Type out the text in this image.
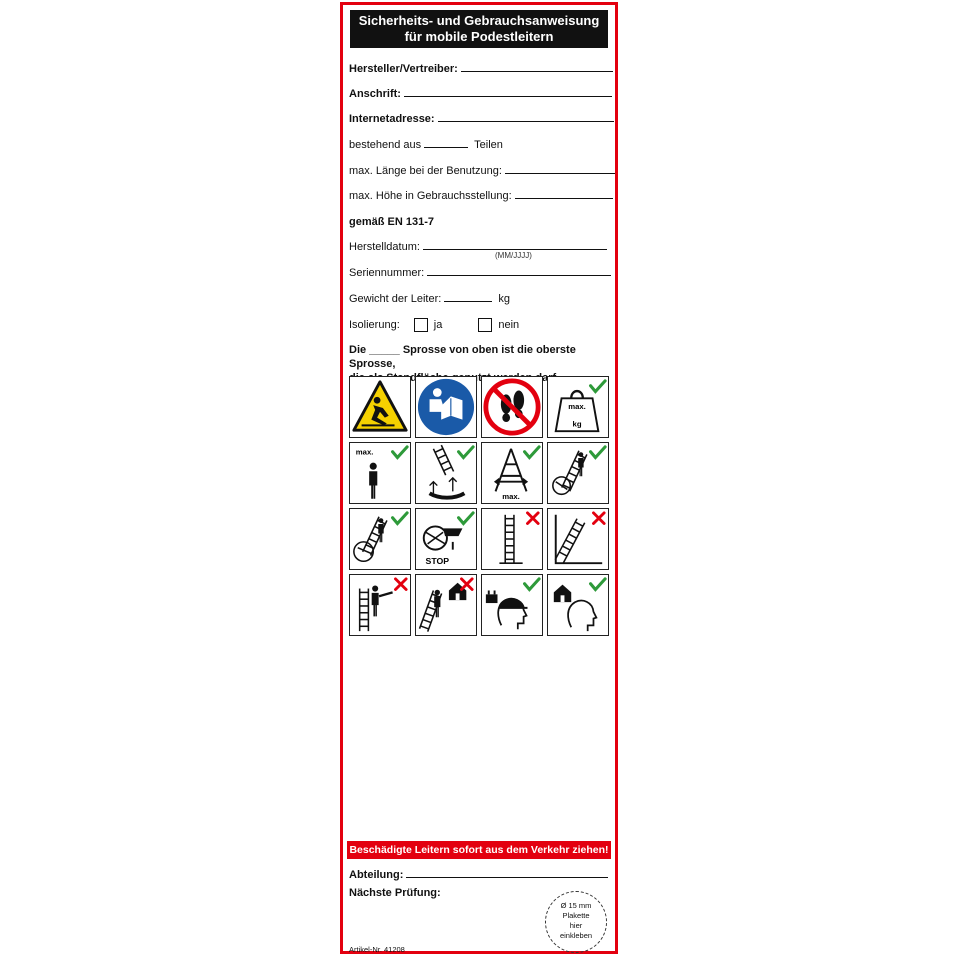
Sicherheits- und Gebrauchsanweisung
für mobile Podestleitern
Hersteller/Vertreiber:
Anschrift:
Internetadresse:
bestehend aus	Teilen
max. Länge bei der Benutzung:
max. Höhe in Gebrauchsstellung:
gemäß EN 131-7
Herstelldatum:
(MM/JJJJ)
Seriennummer:
Gewicht der Leiter:	kg
Isolierung:	ja	nein
Die _____ Sprosse von oben ist die oberste Sprosse,
max.
kg
max.
max.
STOP
Beschädigte Leitern sofort aus dem Verkehr ziehen!
Abteilung:
Nächste Prüfung:
Ø 15 mm
Plakette
hier
einkleben
Artikel-Nr. 41208
